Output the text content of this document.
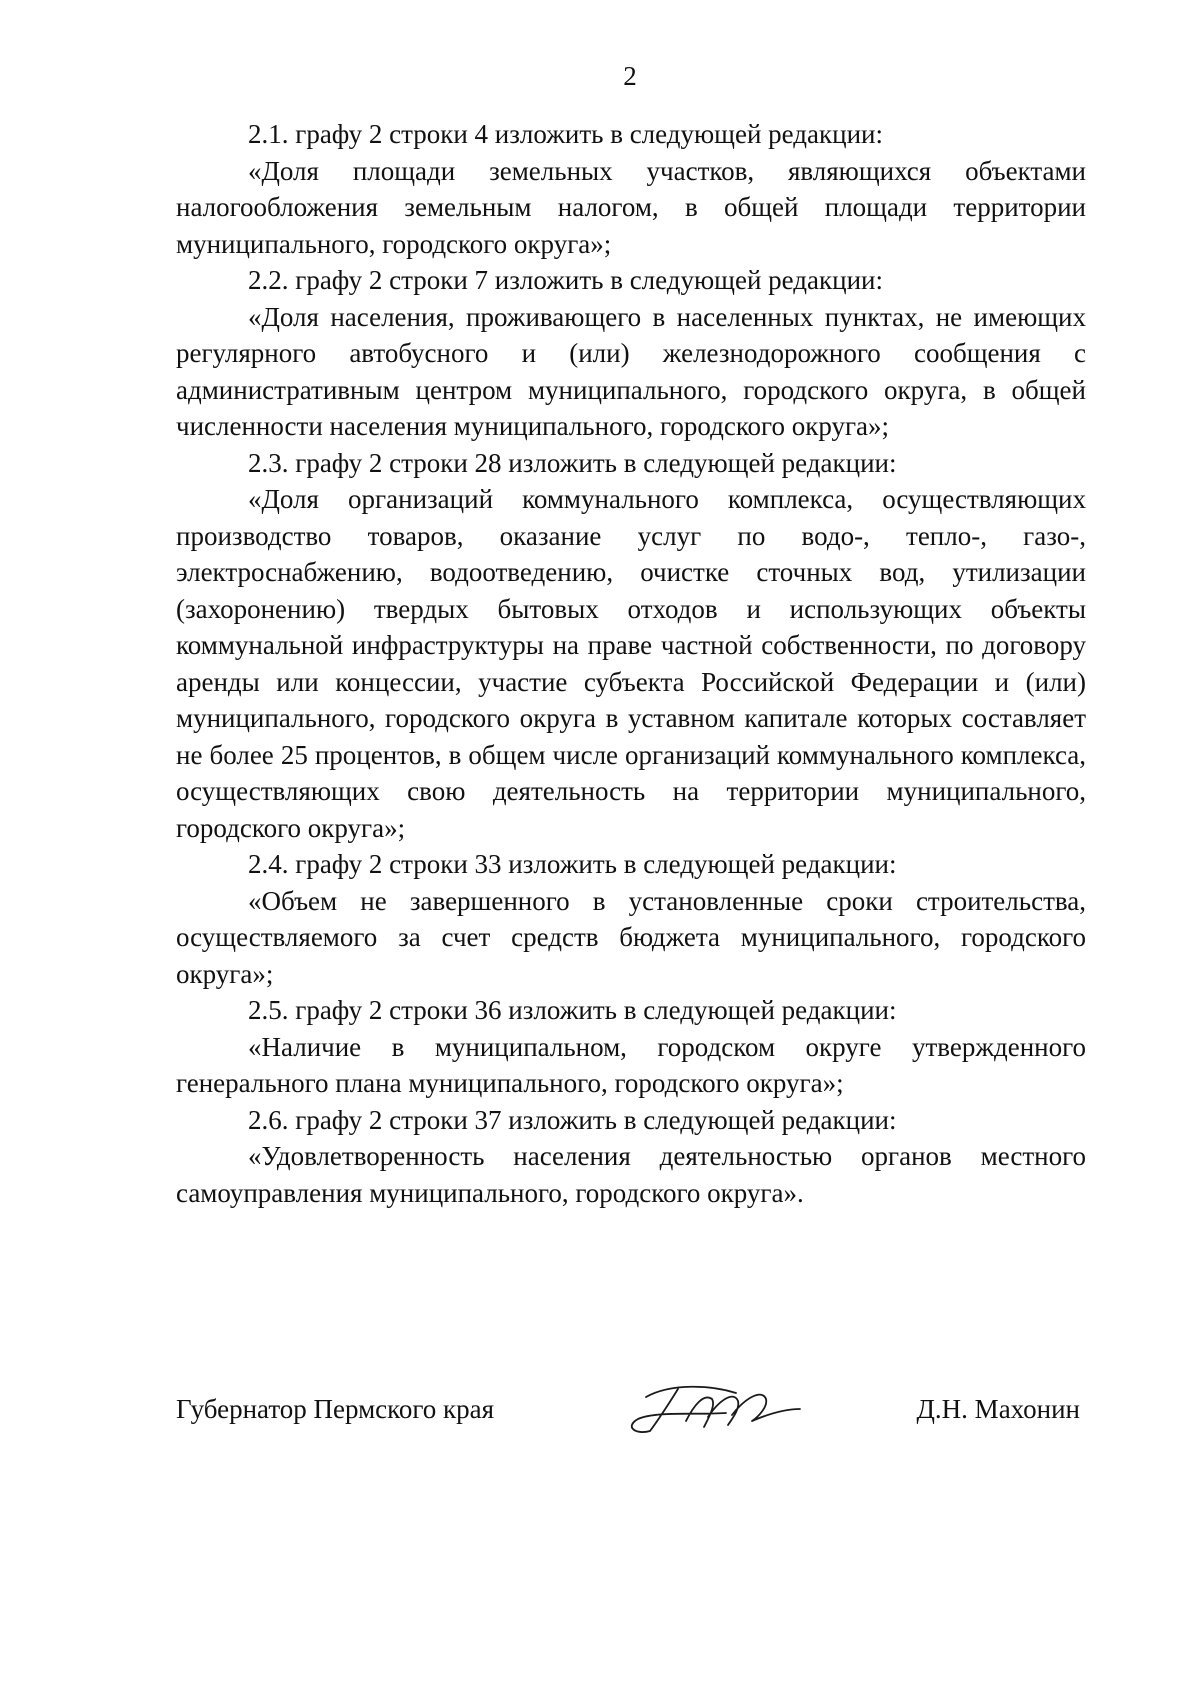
2

2.1. графу 2 строки 4 изложить в следующей редакции:

«Доля площади земельных участков, являющихся объектами налогообложения земельным налогом, в общей площади территории муниципального, городского округа»;

2.2. графу 2 строки 7 изложить в следующей редакции:

«Доля населения, проживающего в населенных пунктах, не имеющих регулярного автобусного и (или) железнодорожного сообщения с административным центром муниципального, городского округа, в общей численности населения муниципального, городского округа»;

2.3. графу 2 строки 28 изложить в следующей редакции:

«Доля организаций коммунального комплекса, осуществляющих производство товаров, оказание услуг по водо-, тепло-, газо-, электроснабжению, водоотведению, очистке сточных вод, утилизации (захоронению) твердых бытовых отходов и использующих объекты коммунальной инфраструктуры на праве частной собственности, по договору аренды или концессии, участие субъекта Российской Федерации и (или) муниципального, городского округа в уставном капитале которых составляет не более 25 процентов, в общем числе организаций коммунального комплекса, осуществляющих свою деятельность на территории муниципального, городского округа»;

2.4. графу 2 строки 33 изложить в следующей редакции:

«Объем не завершенного в установленные сроки строительства, осуществляемого за счет средств бюджета муниципального, городского округа»;

2.5. графу 2 строки 36 изложить в следующей редакции:

«Наличие в муниципальном, городском округе утвержденного генерального плана муниципального, городского округа»;

2.6. графу 2 строки 37 изложить в следующей редакции:

«Удовлетворенность населения деятельностью органов местного самоуправления муниципального, городского округа».

Губернатор Пермского края	Д.Н. Махонин
